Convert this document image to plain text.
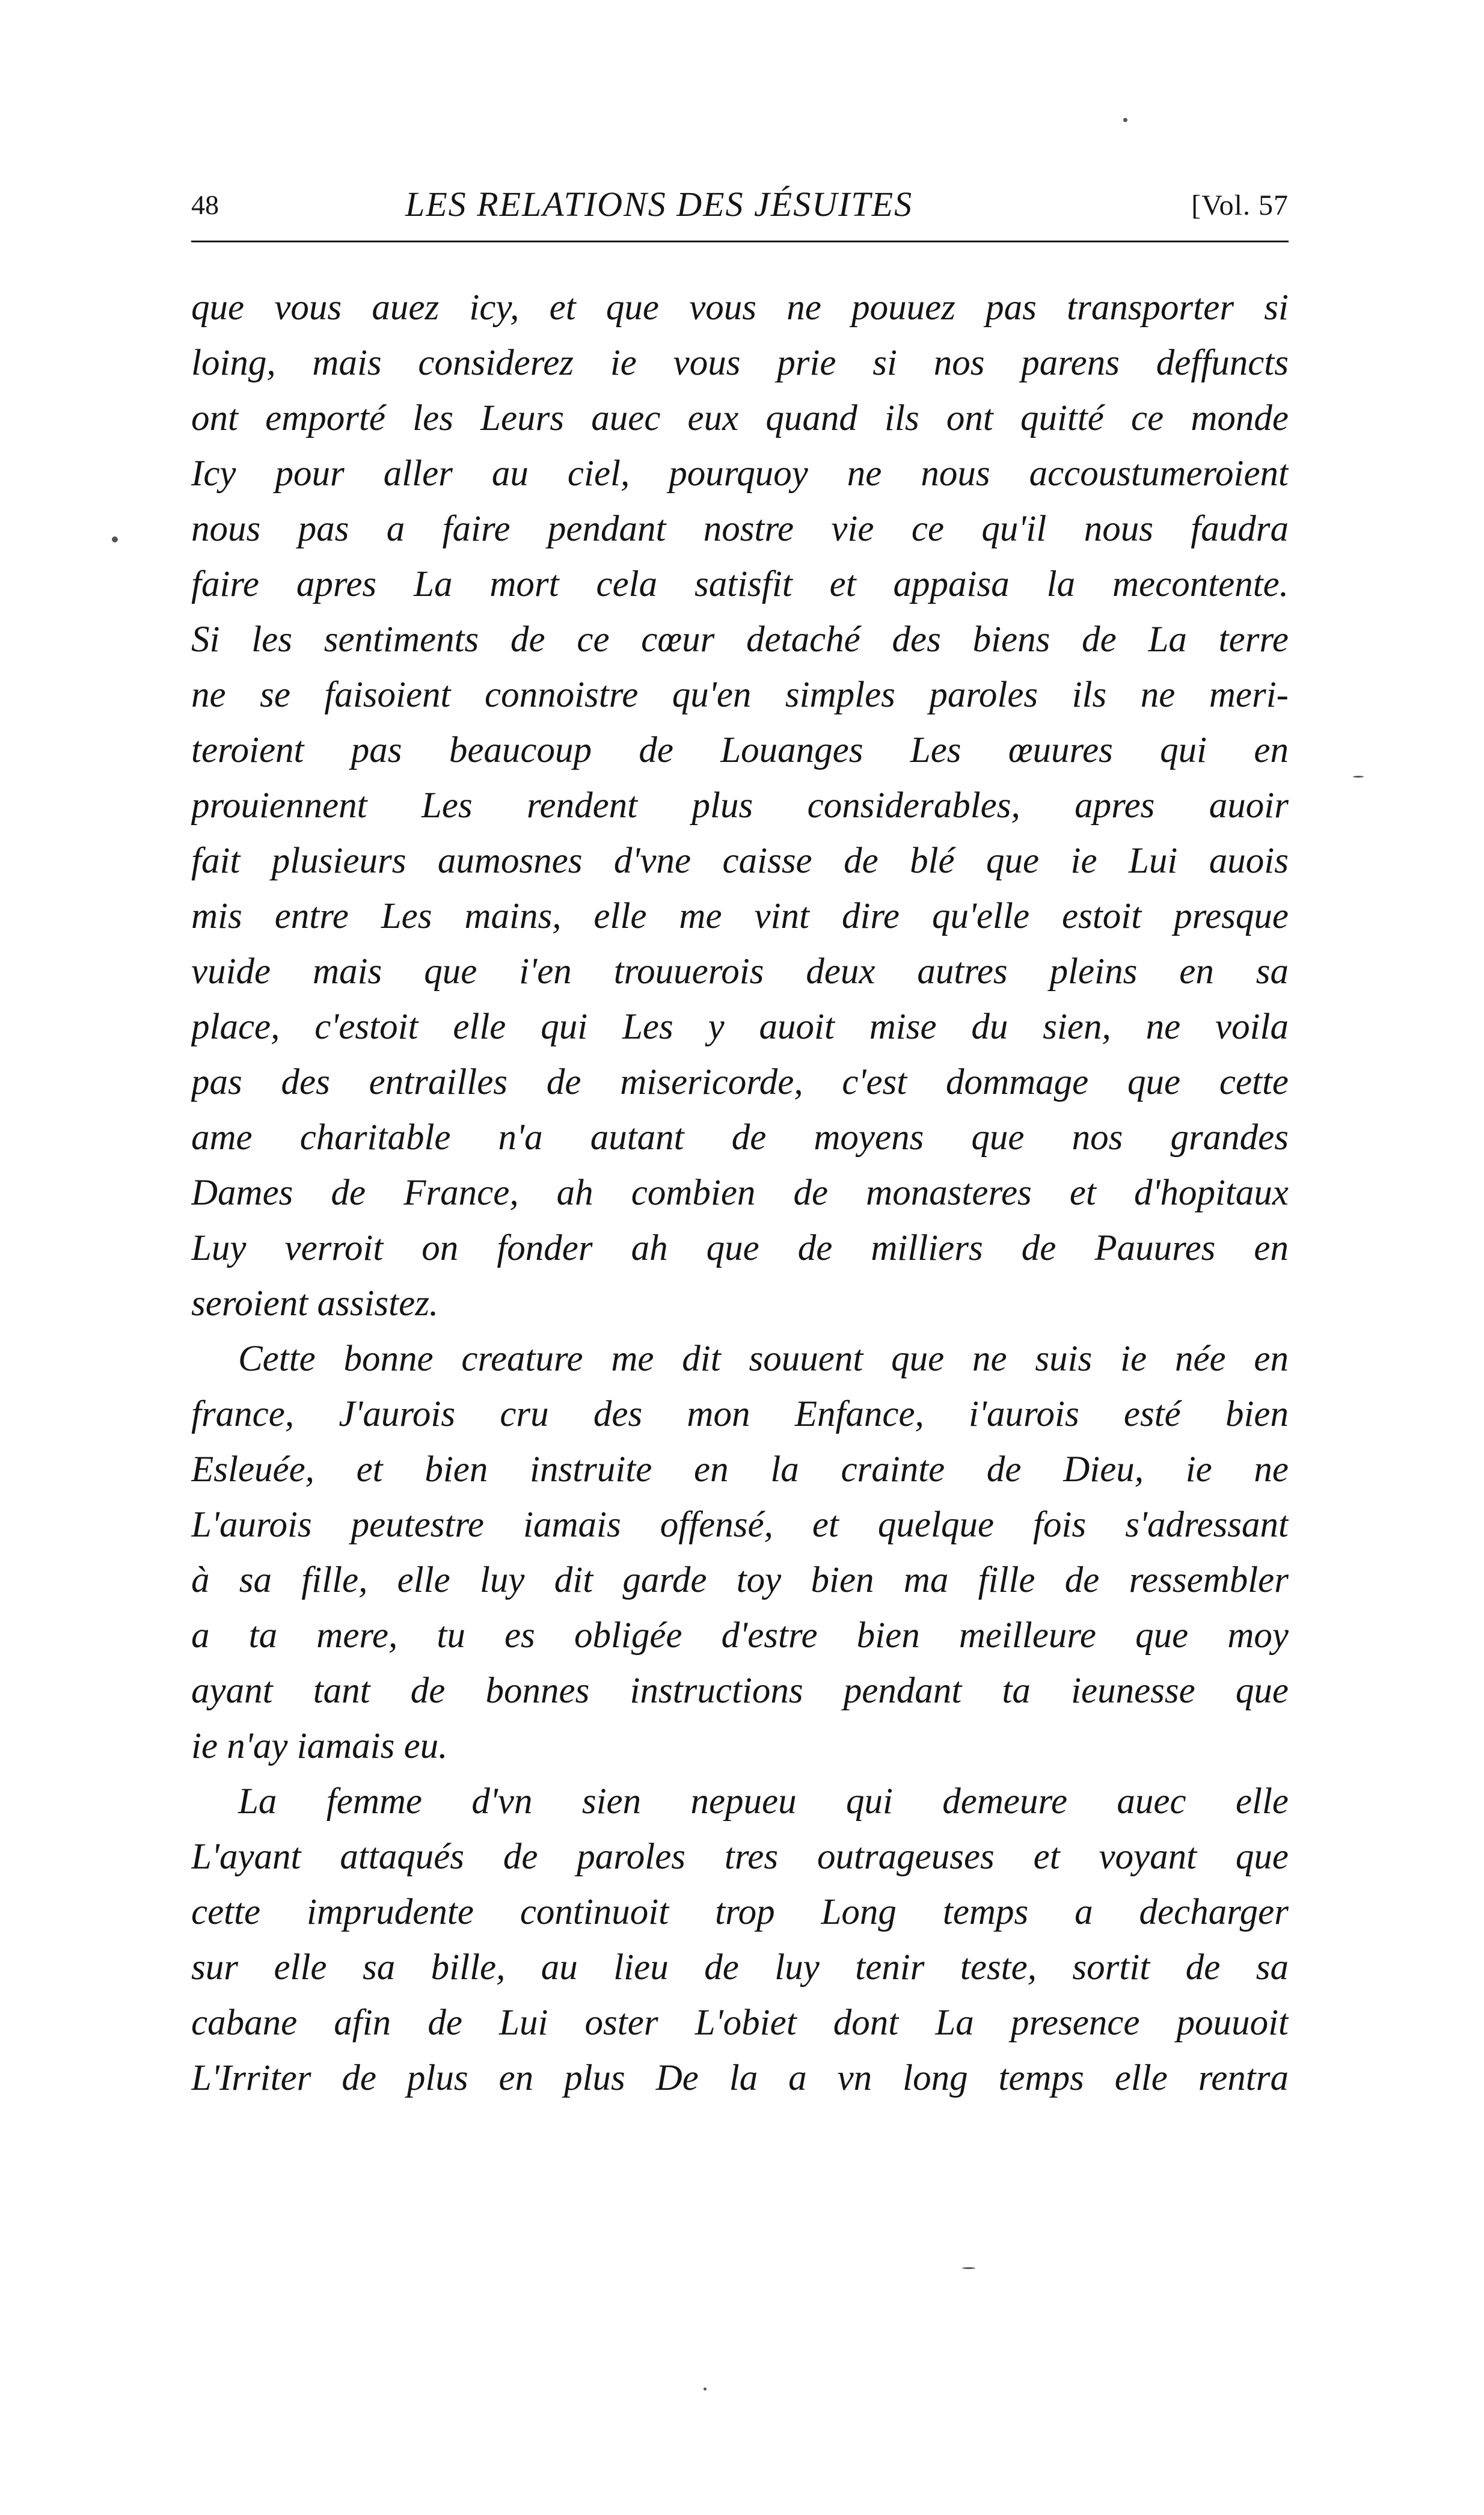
48	LES RELATIONS DES JÉSUITES	[Vol. 57
que vous auez icy, et que vous ne pouuez pas transporter si
loing, mais considerez ie vous prie si nos parens deffuncts
ont emporté les Leurs auec eux quand ils ont quitté ce monde
Icy pour aller au ciel, pourquoy ne nous accoustumeroient
nous pas a faire pendant nostre vie ce qu'il nous faudra
faire apres La mort cela satisfit et appaisa la mecontente.
Si les sentiments de ce cœur detaché des biens de La terre
ne se faisoient connoistre qu'en simples paroles ils ne meri-
teroient pas beaucoup de Louanges Les œuures qui en
prouiennent Les rendent plus considerables, apres auoir
fait plusieurs aumosnes d'vne caisse de blé que ie Lui auois
mis entre Les mains, elle me vint dire qu'elle estoit presque
vuide mais que i'en trouuerois deux autres pleins en sa
place, c'estoit elle qui Les y auoit mise du sien, ne voila
pas des entrailles de misericorde, c'est dommage que cette
ame charitable n'a autant de moyens que nos grandes
Dames de France, ah combien de monasteres et d'hopitaux
Luy verroit on fonder ah que de milliers de Pauures en
seroient assistez.
Cette bonne creature me dit souuent que ne suis ie née en
france, J'aurois cru des mon Enfance, i'aurois esté bien
Esleuée, et bien instruite en la crainte de Dieu, ie ne
L'aurois peutestre iamais offensé, et quelque fois s'adressant
à sa fille, elle luy dit garde toy bien ma fille de ressembler
a ta mere, tu es obligée d'estre bien meilleure que moy
ayant tant de bonnes instructions pendant ta ieunesse que
ie n'ay iamais eu.
La femme d'vn sien nepueu qui demeure auec elle
L'ayant attaqués de paroles tres outrageuses et voyant que
cette imprudente continuoit trop Long temps a decharger
sur elle sa bille, au lieu de luy tenir teste, sortit de sa
cabane afin de Lui oster L'obiet dont La presence pouuoit
L'Irriter de plus en plus De la a vn long temps elle rentra
